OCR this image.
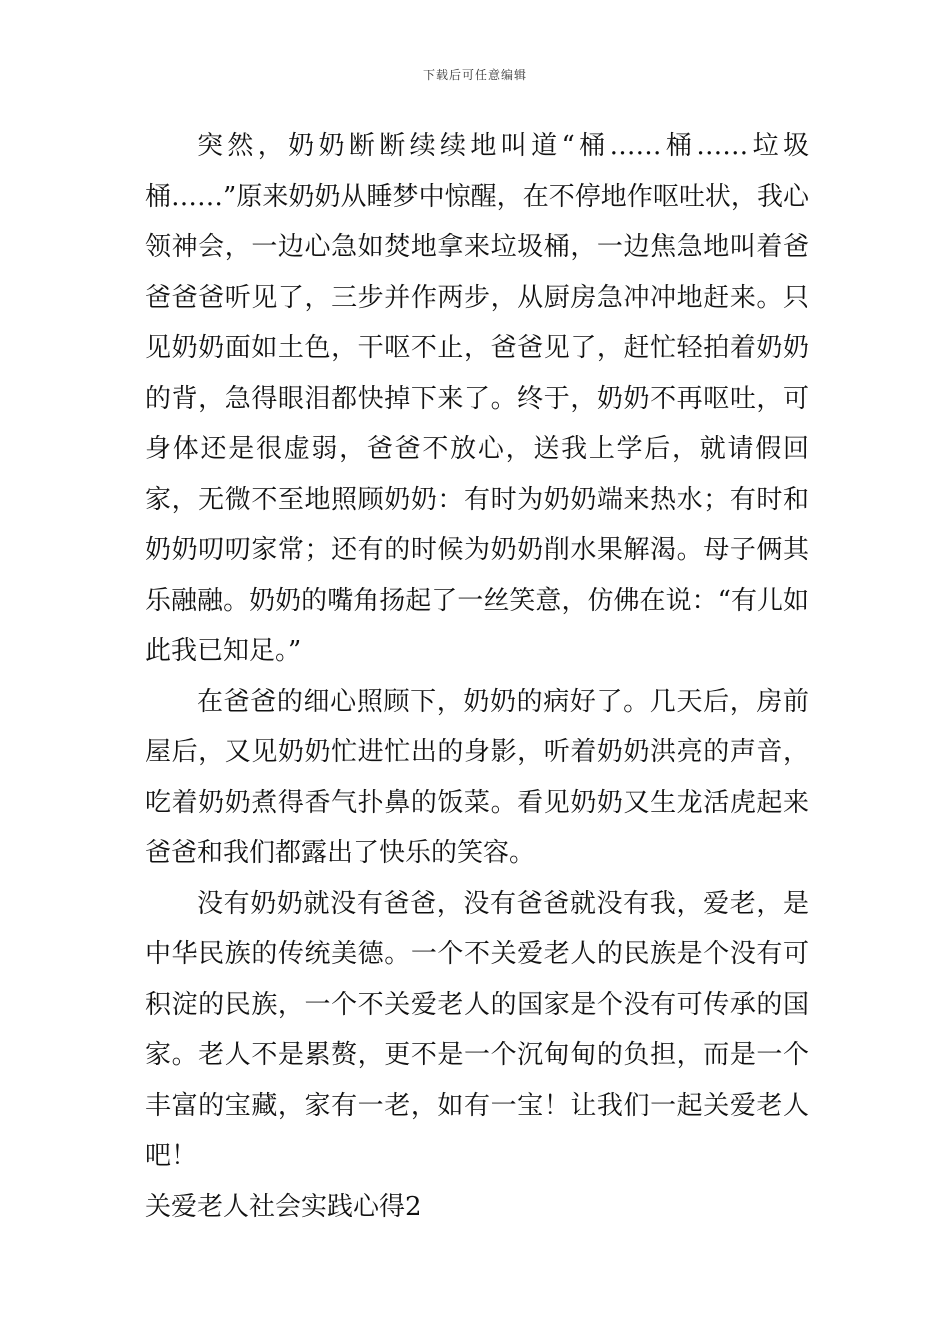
下载后可任意编辑

突然，奶奶断断续续地叫道“桶……桶……垃圾桶……”原来奶奶从睡梦中惊醒，在不停地作呕吐状，我心领神会，一边心急如焚地拿来垃圾桶，一边焦急地叫着爸爸爸爸听见了，三步并作两步，从厨房急冲冲地赶来。只见奶奶面如土色，干呕不止，爸爸见了，赶忙轻拍着奶奶的背，急得眼泪都快掉下来了。终于，奶奶不再呕吐，可身体还是很虚弱，爸爸不放心，送我上学后，就请假回家，无微不至地照顾奶奶：有时为奶奶端来热水；有时和奶奶叨叨家常；还有的时候为奶奶削水果解渴。母子俩其乐融融。奶奶的嘴角扬起了一丝笑意，仿佛在说：“有儿如此我已知足。”

在爸爸的细心照顾下，奶奶的病好了。几天后，房前屋后，又见奶奶忙进忙出的身影，听着奶奶洪亮的声音，吃着奶奶煮得香气扑鼻的饭菜。看见奶奶又生龙活虎起来爸爸和我们都露出了快乐的笑容。

没有奶奶就没有爸爸，没有爸爸就没有我，爱老，是中华民族的传统美德。一个不关爱老人的民族是个没有可积淀的民族，一个不关爱老人的国家是个没有可传承的国家。老人不是累赘，更不是一个沉甸甸的负担，而是一个丰富的宝藏，家有一老，如有一宝！让我们一起关爱老人吧！

关爱老人社会实践心得2
